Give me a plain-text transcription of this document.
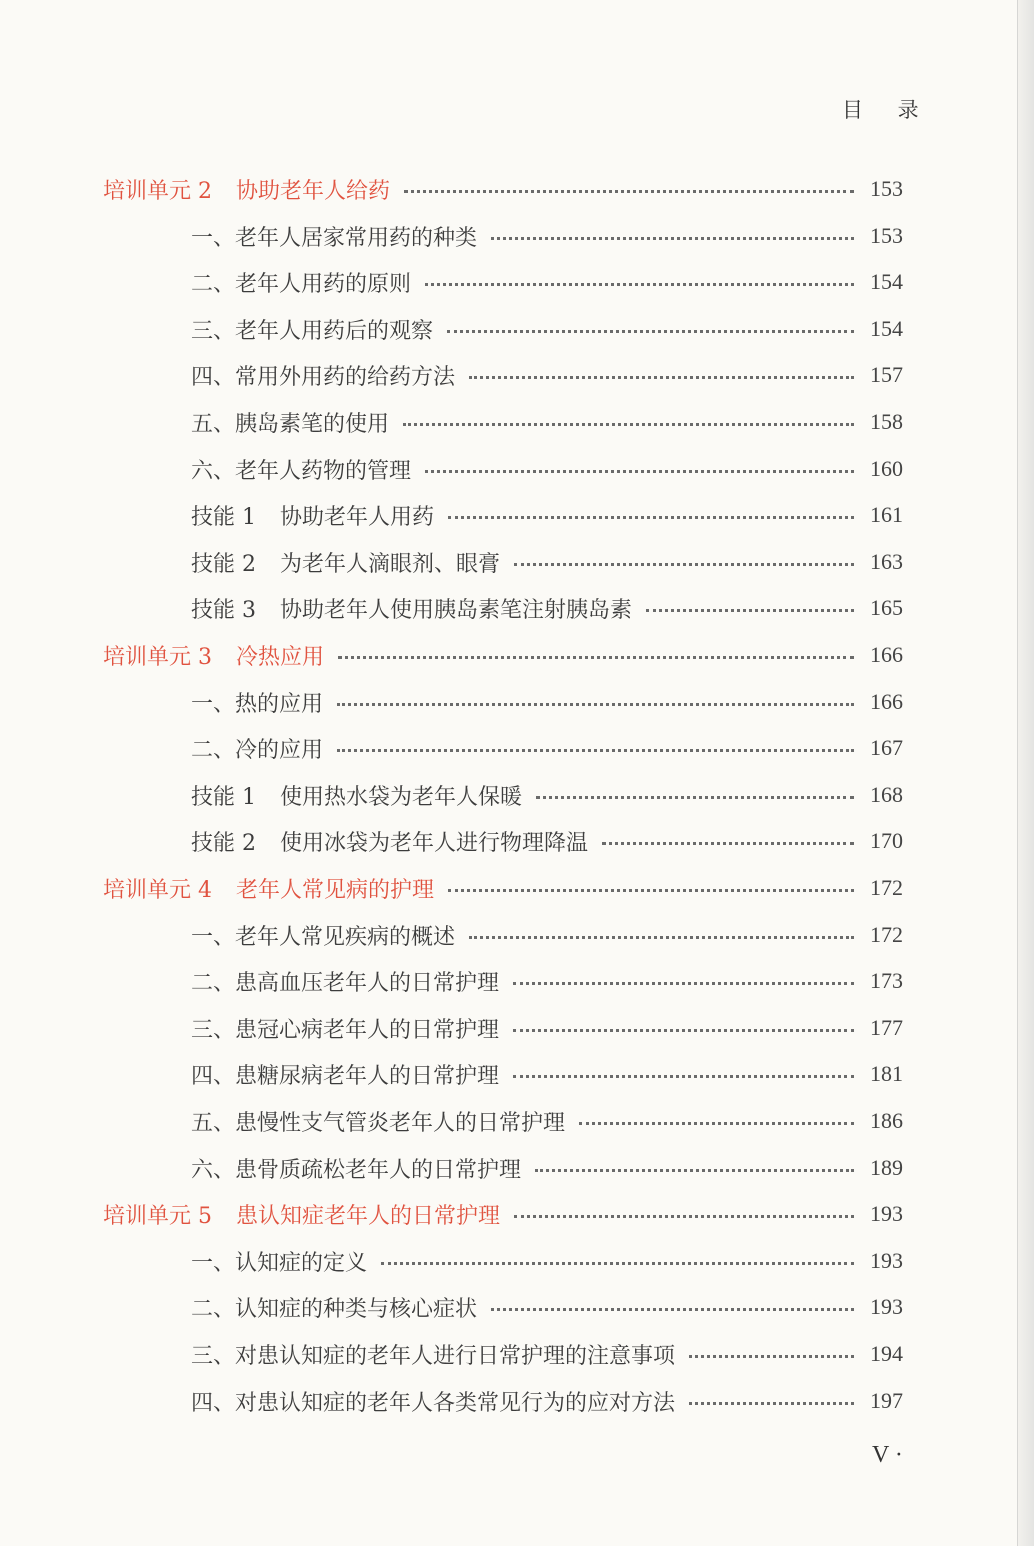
目 录
培训单元 2 协助老年人给药	153
一、老年人居家常用药的种类	153
二、老年人用药的原则	154
三、老年人用药后的观察	154
四、常用外用药的给药方法	157
五、胰岛素笔的使用	158
六、老年人药物的管理	160
技能 1 协助老年人用药	161
技能 2 为老年人滴眼剂、眼膏	163
技能 3 协助老年人使用胰岛素笔注射胰岛素	165
培训单元 3 冷热应用	166
一、热的应用	166
二、冷的应用	167
技能 1 使用热水袋为老年人保暖	168
技能 2 使用冰袋为老年人进行物理降温	170
培训单元 4 老年人常见病的护理	172
一、老年人常见疾病的概述	172
二、患高血压老年人的日常护理	173
三、患冠心病老年人的日常护理	177
四、患糖尿病老年人的日常护理	181
五、患慢性支气管炎老年人的日常护理	186
六、患骨质疏松老年人的日常护理	189
培训单元 5 患认知症老年人的日常护理	193
一、认知症的定义	193
二、认知症的种类与核心症状	193
三、对患认知症的老年人进行日常护理的注意事项	194
四、对患认知症的老年人各类常见行为的应对方法	197
V ·
